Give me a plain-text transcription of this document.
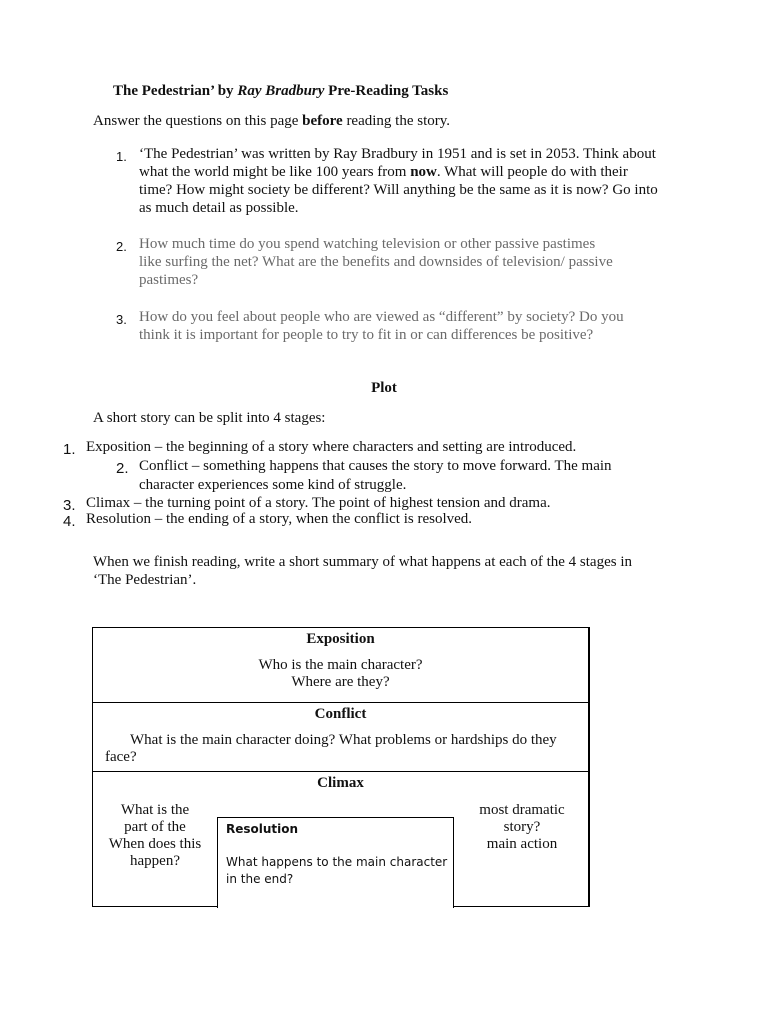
The Pedestrian’ by Ray Bradbury Pre-Reading Tasks
Answer the questions on this page before reading the story.
1. ‘The Pedestrian’ was written by Ray Bradbury in 1951 and is set in 2053. Think about
what the world might be like 100 years from now. What will people do with their
time? How might society be different? Will anything be the same as it is now? Go into
as much detail as possible.
2. How much time do you spend watching television or other passive pastimes
like surfing the net? What are the benefits and downsides of television/ passive
pastimes?
3. How do you feel about people who are viewed as “different” by society? Do you
think it is important for people to try to fit in or can differences be positive?
Plot
A short story can be split into 4 stages:
1. Exposition – the beginning of a story where characters and setting are introduced.
2. Conflict – something happens that causes the story to move forward. The main
character experiences some kind of struggle.
3. Climax – the turning point of a story. The point of highest tension and drama.
4. Resolution – the ending of a story, when the conflict is resolved.
When we finish reading, write a short summary of what happens at each of the 4 stages in
‘The Pedestrian’.
Exposition
Who is the main character?
Where are they?
Conflict
What is the main character doing? What problems or hardships do they
face?
Climax
What is the
part of the
When does this
happen?
most dramatic
story?
main action
Resolution
What happens to the main character
in the end?
